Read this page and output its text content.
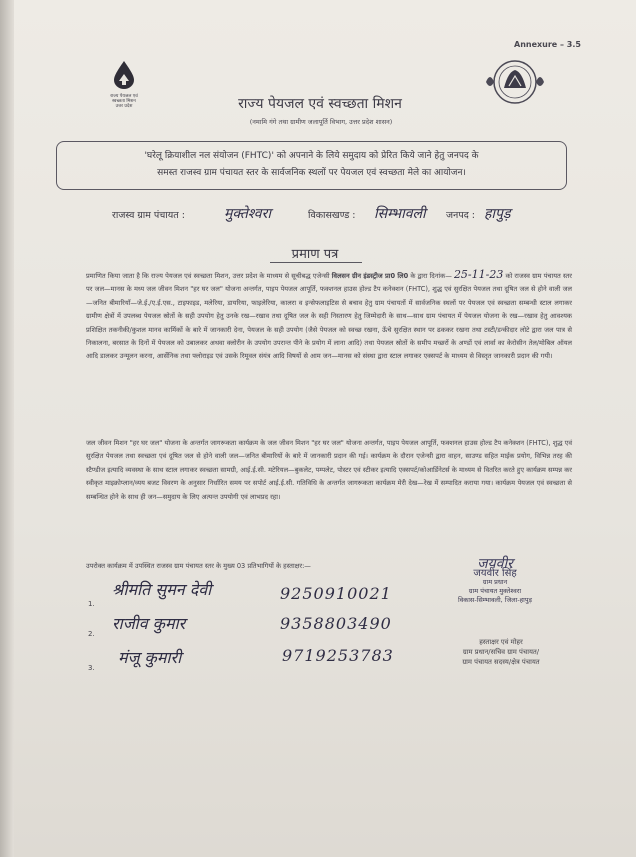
Annexure – 3.5
राज्य पेयजल एवं
स्वच्छता मिशन
उत्तर प्रदेश	राज्य पेयजल एवं स्वच्छता मिशन
(नमामि गंगे तथा ग्रामीण जलापूर्ति विभाग, उत्तर प्रदेश शासन)
'घरेलू क्रियाशील नल संयोजन (FHTC)' को अपनाने के लिये समुदाय को प्रेरित किये जाने हेतु जनपद के
समस्त राजस्व ग्राम पंचायत स्तर के सार्वजनिक स्थलों पर पेयजल एवं स्वच्छता मेले का आयोजन।
राजस्व ग्राम पंचायत :	मुक्तेश्वरा	विकासखण्ड : सिम्भावली जनपद : हापुड़
प्रमाण पत्र
प्रमाणित किया जाता है कि राज्य पेयजल एवं स्वच्छता मिशन, उत्तर प्रदेश के माध्यम से सूचीबद्ध एजेन्सी विलसन ग्रीन इंडस्ट्रीज प्रा0 लि0 के द्वारा दिनांक— 25-11-23 को राजस्व ग्राम पंचायत स्तर पर जल—मानस के मध्य जल जीवन मिशन "हर घर जल" योजना अन्तर्गत, पाइप पेयजल आपूर्ति, फक्शनल हाउस होल्ड टैप कनेक्शन (FHTC), शुद्ध एवं सुरक्षित पेयजल तथा दूषित जल से होने वाली जल—जनित बीमारियाँ—जे.ई./ए.ई.एस., टाइफाइड, मलेरिया, डायरिया, फाइलेरिया, कालरा व इन्सेफलाइटिस से बचाव हेतु ग्राम पंचायतों में सार्वजनिक स्थलों पर पेयजल एवं स्वच्छता सम्बन्धी स्टाल लगाकर ग्रामीण क्षेत्रों में उपलब्ध पेयजल स्रोतों के सही उपयोग हेतु उनके रख—रखाव तथा दूषित जल के सही निस्तारण हेतु जिम्मेदारी के साथ—साथ ग्राम पंचायत में पेयजल योजना के रख—रखाव हेतु आवश्यक प्रशिक्षित तकनीकी/कुशल मानव कार्मिकों के बारे में जानकारी देना, पेयजल के सही उपयोग (जैसे पेयजल को स्वच्छ रखना, ऊँचे सुरक्षित स्थान पर ढककर रखना तथा टस्टी/डन्कीदार लोटे द्वारा जल पात्र से निकालना, बरसात के दिनों में पेयजल को उबालकर अथवा क्लोरीन के उपयोग उपरान्त पीने के प्रयोग में लाना आदि) तथा पेयजल स्रोतों के समीप मच्छरों के अण्डों एवं लार्वा का केरोसीन तेल/मोबिल ऑयल आदि डालकर उन्मूलन करना, आर्सेनिक तथा फ्लोराइड एवं उसके रिमूवल संयंत्र आदि विषयों से आम जन—मानस को संस्था द्वारा स्टाल लगाकर एक्सपर्ट के माध्यम से विस्तृत जानकारी प्रदान की गयी।
जल जीवन मिशन "हर घर जल" योजना के अन्तर्गत जागरूकता कार्यक्रम के जल जीवन मिशन "हर घर जल" योजना अन्तर्गत, पाइप पेयजल आपूर्ति, फक्शनल हाउस होल्ड टैप कनेक्शन (FHTC), शुद्ध एवं सुरक्षित पेयजल तथा स्वच्छता एवं दूषित जल से होने वाली जल—जनित बीमारियों के बारे में जानकारी प्रदान की गई। कार्यक्रम के दौरान एजेन्सी द्वारा वाहन, साउण्ड सहित माईक प्रयोग, विभिन्न तरह की स्टैण्डीज इत्यादि व्यवस्था के साथ स्टाल लगाकर स्वच्छता सामग्री, आई.ई.सी. मटेरियल—बुकलेट, पम्पलेट, पोस्टर एवं स्टीकर इत्यादि एक्सपर्ट/कोआर्डिनेटर्स के माध्यम से वितरित करते हुए कार्यक्रम सम्पन्न कर स्वीकृत माइक्रोप्लान/व्यय बजट विवरण के अनुसार निर्धारित समय पर सपोर्ट आई.ई.सी. गतिविधि के अन्तर्गत जागरूकता कार्यक्रम मेरी देख—रेख में सम्पादित कराया गया। कार्यक्रम पेयजल एवं स्वच्छता से सम्बन्धित होने के साथ ही जन—समुदाय के लिए अत्यन्त उपयोगी एवं लाभप्रद रहा।
उपरोक्त कार्यक्रम में उपस्थित राजस्व ग्राम पंचायत स्तर के मुख्य 03 प्रतिभागियों के हस्ताक्षर:—
1.
श्रीमति सुमन देवी	9250910021
2.
राजीव कुमार	9358803490
3.
मंजू कुमारी	9719253783
जयवीर
जयवीर सिंह
ग्राम प्रधान
ग्राम पंचायत मुक्तेश्वरा
विकास-सिम्भावली, जिला-हापुड़
हस्ताक्षर एवं मोहर
ग्राम प्रधान/सचिव ग्राम पंचायत/
ग्राम पंचायत सदस्य/क्षेत्र पंचायत
